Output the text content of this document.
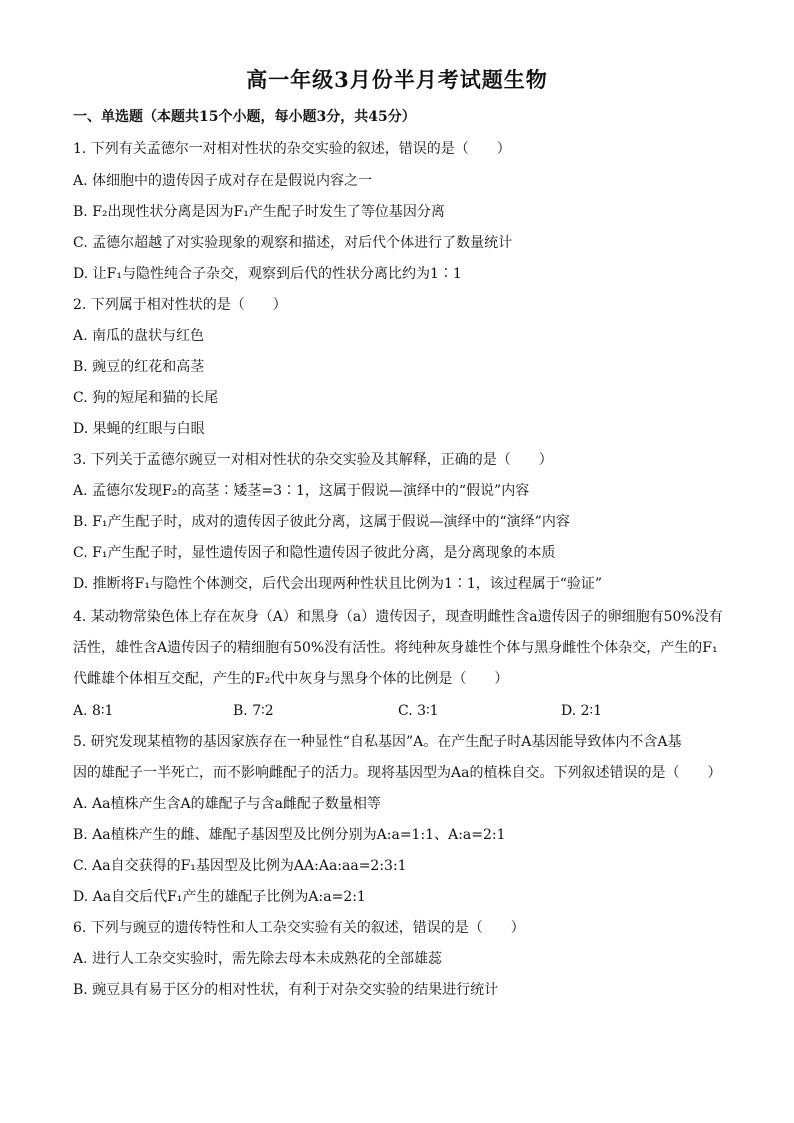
高一年级3月份半月考试题生物
一、单选题（本题共15个小题，每小题3分，共45分）
1. 下列有关孟德尔一对相对性状的杂交实验的叙述，错误的是（　　）
A. 体细胞中的遗传因子成对存在是假说内容之一
B. F₂出现性状分离是因为F₁产生配子时发生了等位基因分离
C. 孟德尔超越了对实验现象的观察和描述，对后代个体进行了数量统计
D. 让F₁与隐性纯合子杂交，观察到后代的性状分离比约为1∶1
2. 下列属于相对性状的是（　　）
A. 南瓜的盘状与红色
B. 豌豆的红花和高茎
C. 狗的短尾和猫的长尾
D. 果蝇的红眼与白眼
3. 下列关于孟德尔豌豆一对相对性状的杂交实验及其解释，正确的是（　　）
A. 孟德尔发现F₂的高茎∶矮茎=3∶1，这属于假说—演绎中的“假说”内容
B. F₁产生配子时，成对的遗传因子彼此分离，这属于假说—演绎中的“演绎”内容
C. F₁产生配子时，显性遗传因子和隐性遗传因子彼此分离，是分离现象的本质
D. 推断将F₁与隐性个体测交，后代会出现两种性状且比例为1∶1，该过程属于“验证”
4. 某动物常染色体上存在灰身（A）和黑身（a）遗传因子，现查明雌性含a遗传因子的卵细胞有50%没有
活性，雄性含A遗传因子的精细胞有50%没有活性。将纯种灰身雄性个体与黑身雌性个体杂交，产生的F₁
代雌雄个体相互交配，产生的F₂代中灰身与黑身个体的比例是（　　）
A. 8∶1	B. 7∶2	C. 3∶1	D. 2∶1
5. 研究发现某植物的基因家族存在一种显性“自私基因”A。在产生配子时A基因能导致体内不含A基
因的雄配子一半死亡，而不影响雌配子的活力。现将基因型为Aa的植株自交。下列叙述错误的是（　　）
A. Aa植株产生含A的雄配子与含a雌配子数量相等
B. Aa植株产生的雌、雄配子基因型及比例分别为A:a=1:1、A:a=2:1
C. Aa自交获得的F₁基因型及比例为AA:Aa:aa=2:3:1
D. Aa自交后代F₁产生的雄配子比例为A:a=2:1
6. 下列与豌豆的遗传特性和人工杂交实验有关的叙述，错误的是（　　）
A. 进行人工杂交实验时，需先除去母本未成熟花的全部雄蕊
B. 豌豆具有易于区分的相对性状，有利于对杂交实验的结果进行统计
